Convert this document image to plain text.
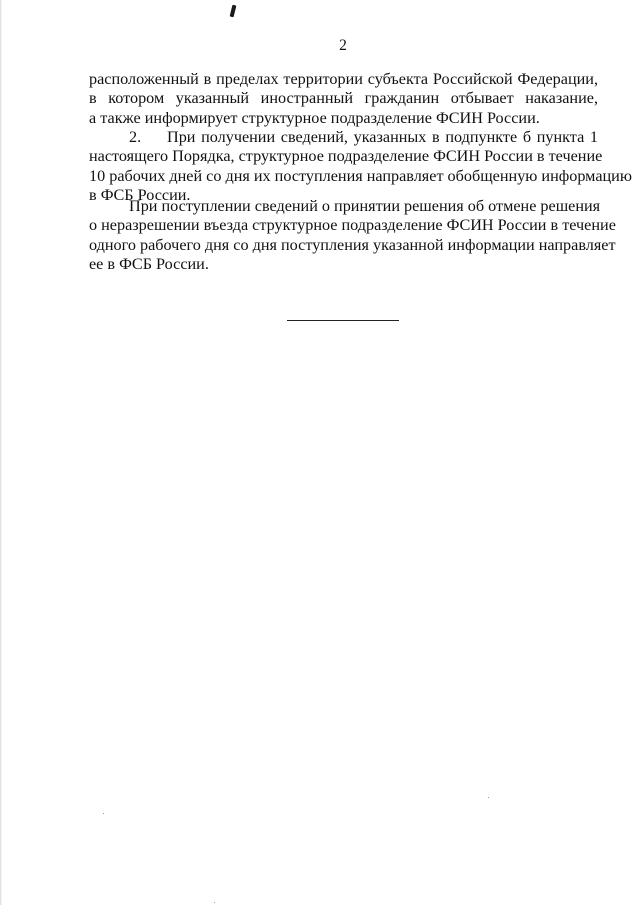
2
расположенный в пределах территории субъекта Российской Федерации,
в котором указанный иностранный гражданин отбывает наказание,
а также информирует структурное подразделение ФСИН России.
2. При получении сведений, указанных в подпункте б пункта 1
настоящего Порядка, структурное подразделение ФСИН России в течение
10 рабочих дней со дня их поступления направляет обобщенную информацию
в ФСБ России.
При поступлении сведений о принятии решения об отмене решения
о неразрешении въезда структурное подразделение ФСИН России в течение
одного рабочего дня со дня поступления указанной информации направляет
ее в ФСБ России.
